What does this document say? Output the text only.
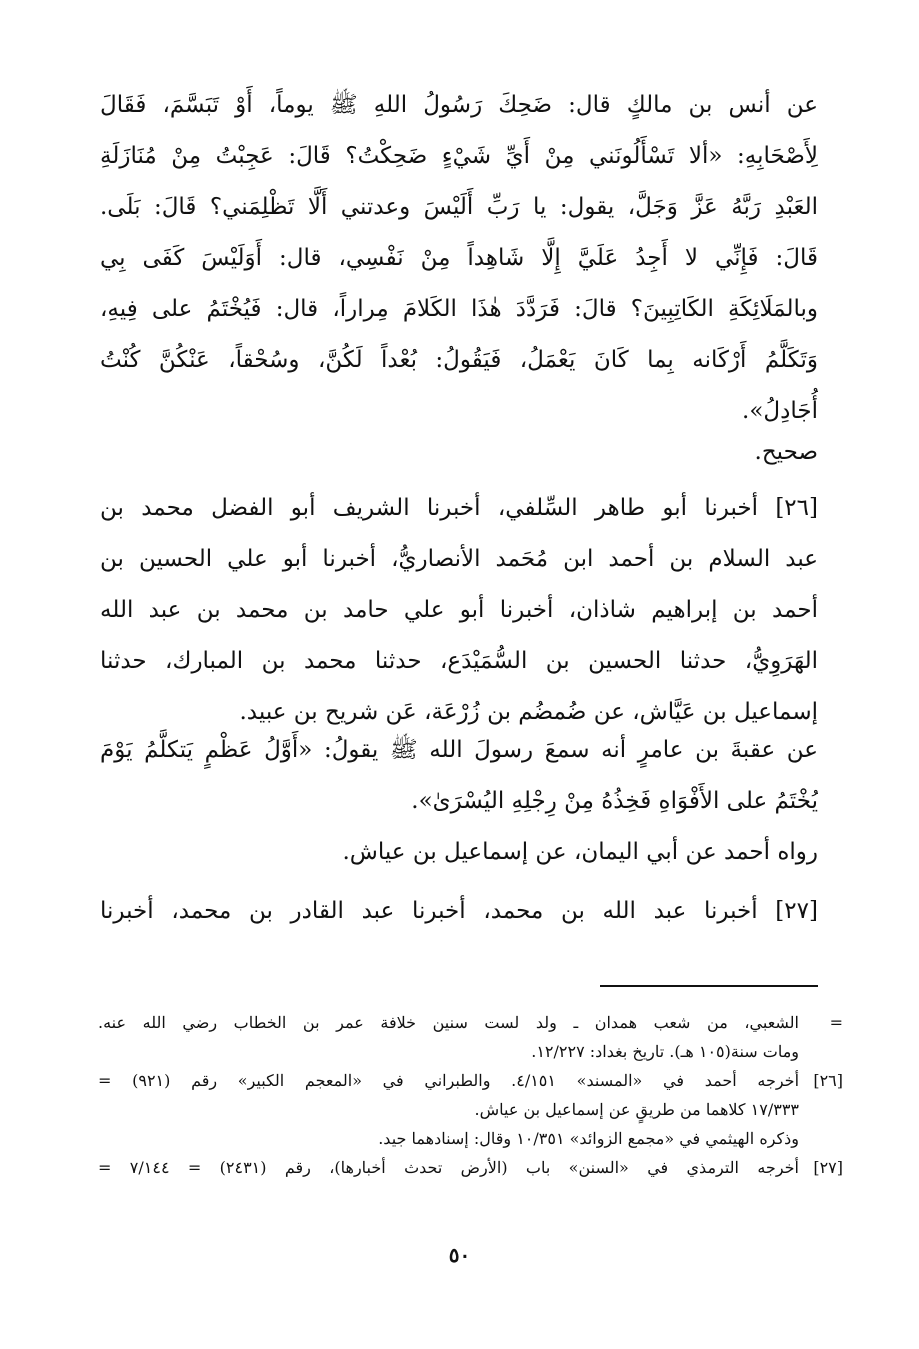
عن أنس بن مالكٍ قال: ضَحِكَ رَسُولُ اللهِ ﷺ يوماً، أَوْ تَبَسَّمَ، فَقَالَ
لِأَصْحَابِهِ: «ألا تَسْأَلُونَني مِنْ أَيِّ شَيْءٍ ضَحِكْتُ؟ قَالَ: عَجِبْتُ مِنْ مُنَازَلَةِ
العَبْدِ رَبَّهُ عَزَّ وَجَلَّ، يقول: يا رَبِّ أَلَيْسَ وعدتني أَلَّا تَظْلِمَني؟ قَالَ: بَلَى.
قَالَ: فَإِنِّي لا أَجِدُ عَلَيَّ إِلَّا شَاهِداً مِنْ نَفْسِي، قال: أَوَلَيْسَ كَفَى بِي
وبالمَلَائِكَةِ الكَاتِبِينَ؟ قالَ: فَرَدَّدَ هٰذَا الكَلامَ مِراراً، قال: فَيُخْتَمُ على فِيهِ،
وَتَكَلَّمُ أَرْكَانه بِما كَانَ يَعْمَلُ، فَيَقُولُ: بُعْداً لَكُنَّ، وسُحْقاً، عَنْكُنَّ كُنْتُ
أُجَادِلُ».
صحيح.
[٢٦] أخبرنا أبو طاهر السِّلفي، أخبرنا الشريف أبو الفضل محمد بن
عبد السلام بن أحمد ابن مُحَمد الأنصاريُّ، أخبرنا أبو علي الحسين بن
أحمد بن إبراهيم شاذان، أخبرنا أبو علي حامد بن محمد بن عبد الله
الهَرَوِيُّ، حدثنا الحسين بن السُّمَيْدَع، حدثنا محمد بن المبارك، حدثنا
إسماعيل بن عَيَّاش، عن ضُمضُم بن زُرْعَة، عَن شريح بن عبيد.
عن عقبةَ بن عامرٍ أنه سمعَ رسولَ الله ﷺ يقولُ: «أَوَّلُ عَظْمٍ يَتكلَّمُ يَوْمَ
يُخْتَمُ على الأَفْوَاهِ فَخِذُهُ مِنْ رِجْلِهِ اليُسْرَىٰ».
رواه أحمد عن أبي اليمان، عن إسماعيل بن عياش.
[٢٧] أخبرنا عبد الله بن محمد، أخبرنا عبد القادر بن محمد، أخبرنا
=
الشعبي، من شعب همدان ـ ولد لست سنين خلافة عمر بن الخطاب رضي الله عنه.
ومات سنة(١٠٥ هـ). تاريخ بغداد: ١٢/٢٢٧.
[٢٦]
أخرجه أحمد في «المسند» ٤/١٥١. والطبراني في «المعجم الكبير» رقم (٩٢١) =
١٧/٣٣٣ كلاهما من طريقٍ عن إسماعيل بن عياش.
وذكره الهيثمي في «مجمع الزوائد» ١٠/٣٥١ وقال: إسنادهما جيد.
[٢٧]
أخرجه الترمذي في «السنن» باب (الأرض تحدث أخبارها)، رقم (٢٤٣١) = ٧/١٤٤ =
٥٠
